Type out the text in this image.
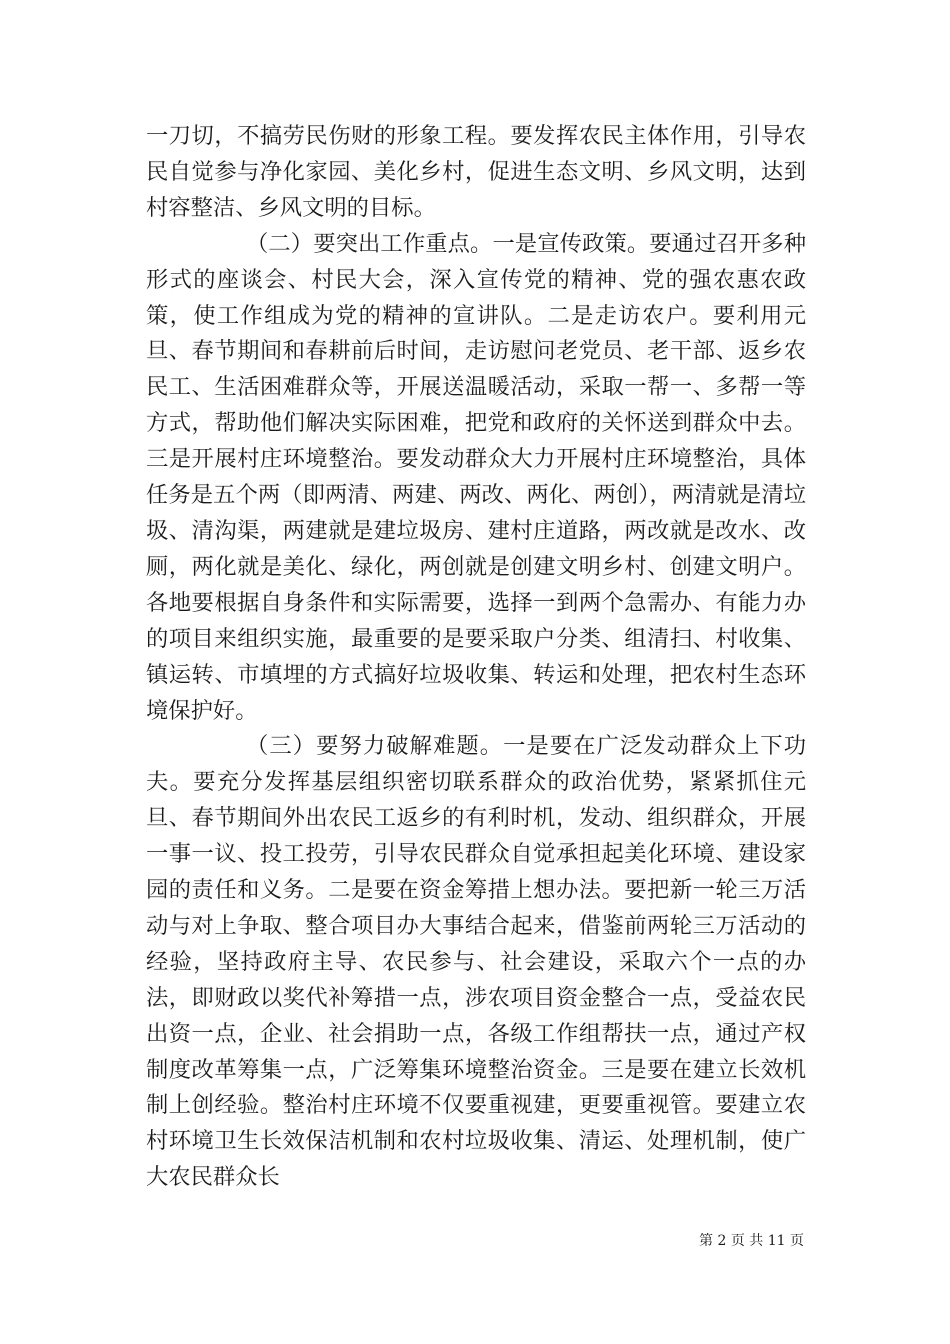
一刀切，不搞劳民伤财的形象工程。要发挥农民主体作用，引导农民自觉参与净化家园、美化乡村，促进生态文明、乡风文明，达到村容整洁、乡风文明的目标。

（二）要突出工作重点。一是宣传政策。要通过召开多种形式的座谈会、村民大会，深入宣传党的精神、党的强农惠农政策，使工作组成为党的精神的宣讲队。二是走访农户。要利用元旦、春节期间和春耕前后时间，走访慰问老党员、老干部、返乡农民工、生活困难群众等，开展送温暖活动，采取一帮一、多帮一等方式，帮助他们解决实际困难，把党和政府的关怀送到群众中去。三是开展村庄环境整治。要发动群众大力开展村庄环境整治，具体任务是五个两（即两清、两建、两改、两化、两创），两清就是清垃圾、清沟渠，两建就是建垃圾房、建村庄道路，两改就是改水、改厕，两化就是美化、绿化，两创就是创建文明乡村、创建文明户。各地要根据自身条件和实际需要，选择一到两个急需办、有能力办的项目来组织实施，最重要的是要采取户分类、组清扫、村收集、镇运转、市填埋的方式搞好垃圾收集、转运和处理，把农村生态环境保护好。

（三）要努力破解难题。一是要在广泛发动群众上下功夫。要充分发挥基层组织密切联系群众的政治优势，紧紧抓住元旦、春节期间外出农民工返乡的有利时机，发动、组织群众，开展一事一议、投工投劳，引导农民群众自觉承担起美化环境、建设家园的责任和义务。二是要在资金筹措上想办法。要把新一轮三万活动与对上争取、整合项目办大事结合起来，借鉴前两轮三万活动的经验，坚持政府主导、农民参与、社会建设，采取六个一点的办法，即财政以奖代补筹措一点，涉农项目资金整合一点，受益农民出资一点，企业、社会捐助一点，各级工作组帮扶一点，通过产权制度改革筹集一点，广泛筹集环境整治资金。三是要在建立长效机制上创经验。整治村庄环境不仅要重视建，更要重视管。要建立农村环境卫生长效保洁机制和农村垃圾收集、清运、处理机制，使广大农民群众长

第 2 页 共 11 页
